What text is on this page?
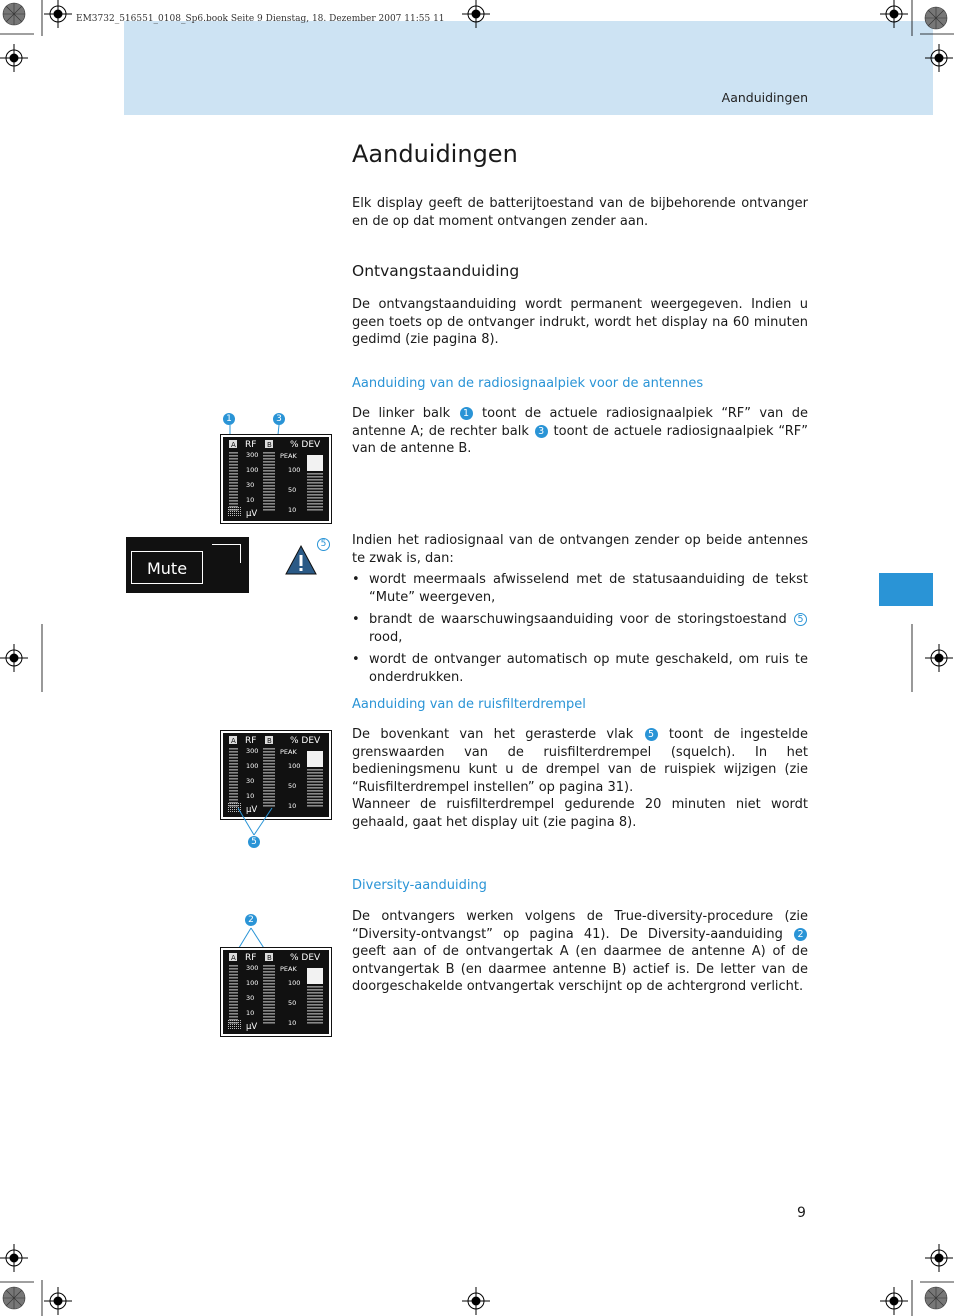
Aanduidingen
EM3732_516551_0108_Sp6.book Seite 9 Dienstag, 18. Dezember 2007 11:55 11
Aanduidingen

Elk display geeft de batterijtoestand van de bijbehorende ontvanger en de op dat moment ontvangen zender aan.

Ontvangstaanduiding

De ontvangstaanduiding wordt permanent weergegeven. Indien u geen toets op de ontvanger indrukt, wordt het display na 60 minuten gedimd (zie pagina 8).

Aanduiding van de radiosignaalpiek voor de antennes

De linker balk 1 toont de actuele radiosignaalpiek “RF” van de antenne A; de rechter balk 3 toont de actuele radiosignaalpiek “RF” van de antenne B.

Indien het radiosignaal van de ontvangen zender op beide antennes te zwak is, dan:

• wordt meermaals afwisselend met de statusaanduiding de tekst “Mute” weergeven,
• brandt de waarschuwingsaanduiding voor de storingstoestand 5 rood,
• wordt de ontvanger automatisch op mute geschakeld, om ruis te onderdrukken.
Aanduiding van de ruisfilterdrempel

De bovenkant van het gerasterde vlak 5 toont de ingestelde grenswaarden van de ruisfilterdrempel (squelch). In het bedieningsmenu kunt u de drempel van de ruispiek wijzigen (zie “Ruisfilterdrempel instellen” op pagina 31).
Wanneer de ruisfilterdrempel gedurende 20 minuten niet wordt gehaald, gaat het display uit (zie pagina 8).

Diversity-aanduiding

De ontvangers werken volgens de True-diversity-procedure (zie “Diversity-ontvangst” op pagina 41). De Diversity-aanduiding 2 geeft aan of de ontvangertak A (en daarmee de antenne A) of de ontvangertak B (en daarmee antenne B) actief is. De letter van de doorgeschakelde ontvangertak verschijnt op de achtergrond verlicht.

9
1	3
A	B
RF	% DEV
PEAK
300
100
30
10
100
50
10
µV
Mute
5
A	B
RF	% DEV
PEAK
300
100
30
10
100
50
10
µV
5
2
A	B
RF	% DEV
PEAK
300
100
30
10
100
50
10
µV
